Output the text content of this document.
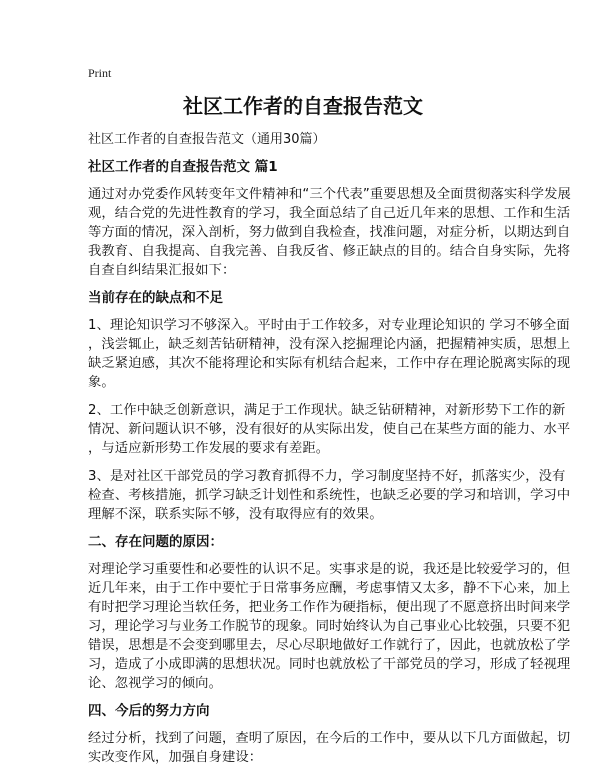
Print
社区工作者的自查报告范文
社区工作者的自查报告范文（通用30篇）
社区工作者的自查报告范文 篇1
通过对办党委作风转变年文件精神和“三个代表”重要思想及全面贯彻落实科学发展
观，结合党的先进性教育的学习，我全面总结了自己近几年来的思想、工作和生活
等方面的情况，深入剖析，努力做到自我检查，找准问题，对症分析，以期达到自
我教育、自我提高、自我完善、自我反省、修正缺点的目的。结合自身实际，先将
自查自纠结果汇报如下：
当前存在的缺点和不足
1、理论知识学习不够深入。平时由于工作较多，对专业理论知识的 学习不够全面
，浅尝辄止，缺乏刻苦钻研精神，没有深入挖掘理论内涵，把握精神实质，思想上
缺乏紧迫感，其次不能将理论和实际有机结合起来，工作中存在理论脱离实际的现
象。
2、工作中缺乏创新意识，满足于工作现状。缺乏钻研精神，对新形势下工作的新
情况、新问题认识不够，没有很好的从实际出发，使自己在某些方面的能力、水平
，与适应新形势工作发展的要求有差距。
3、是对社区干部党员的学习教育抓得不力，学习制度坚持不好，抓落实少，没有
检查、考核措施，抓学习缺乏计划性和系统性，也缺乏必要的学习和培训，学习中
理解不深，联系实际不够，没有取得应有的效果。
二、存在问题的原因：
对理论学习重要性和必要性的认识不足。实事求是的说，我还是比较爱学习的，但
近几年来，由于工作中要忙于日常事务应酬，考虑事情又太多，静不下心来，加上
有时把学习理论当软任务，把业务工作作为硬指标，便出现了不愿意挤出时间来学
习，理论学习与业务工作脱节的现象。同时始终认为自己事业心比较强，只要不犯
错误，思想是不会变到哪里去，尽心尽职地做好工作就行了，因此，也就放松了学
习，造成了小成即满的思想状况。同时也就放松了干部党员的学习，形成了轻视理
论、忽视学习的倾向。
四、今后的努力方向
经过分析，找到了问题，查明了原因，在今后的工作中，要从以下几方面做起，切
实改变作风，加强自身建设：
